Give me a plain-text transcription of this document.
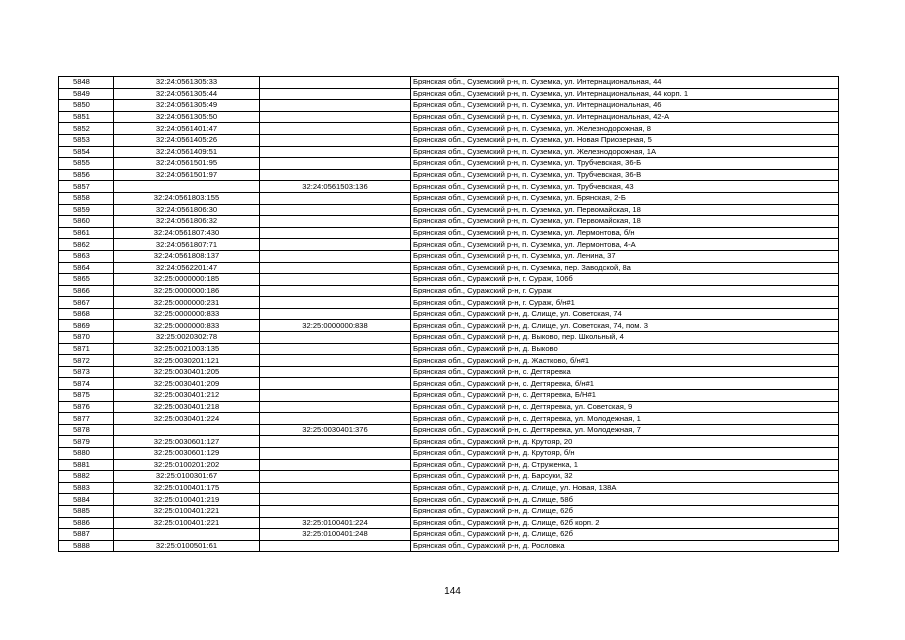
5848	32:24:0561305:33		Брянская обл., Суземский р-н, п. Суземка, ул. Интернациональная, 44
5849	32:24:0561305:44		Брянская обл., Суземский р-н, п. Суземка, ул. Интернациональная, 44 корп. 1
5850	32:24:0561305:49		Брянская обл., Суземский р-н, п. Суземка, ул. Интернациональная, 46
5851	32:24:0561305:50		Брянская обл., Суземский р-н, п. Суземка, ул. Интернациональная, 42-А
5852	32:24:0561401:47		Брянская обл., Суземский р-н, п. Суземка, ул. Железнодорожная, 8
5853	32:24:0561405:26		Брянская обл., Суземский р-н, п. Суземка, ул. Новая Приозерная, 5
5854	32:24:0561409:51		Брянская обл., Суземский р-н, п. Суземка, ул. Железнодорожная, 1А
5855	32:24:0561501:95		Брянская обл., Суземский р-н, п. Суземка, ул. Трубчевская, 36-Б
5856	32:24:0561501:97		Брянская обл., Суземский р-н, п. Суземка, ул. Трубчевская, 36-В
5857		32:24:0561503:136	Брянская обл., Суземский р-н, п. Суземка, ул. Трубчевская, 43
5858	32:24:0561803:155		Брянская обл., Суземский р-н, п. Суземка, ул. Брянская, 2-Б
5859	32:24:0561806:30		Брянская обл., Суземский р-н, п. Суземка, ул. Первомайская, 18
5860	32:24:0561806:32		Брянская обл., Суземский р-н, п. Суземка, ул. Первомайская, 18
5861	32:24:0561807:430		Брянская обл., Суземский р-н, п. Суземка, ул. Лермонтова, б/н
5862	32:24:0561807:71		Брянская обл., Суземский р-н, п. Суземка, ул. Лермонтова, 4-А
5863	32:24:0561808:137		Брянская обл., Суземский р-н, п. Суземка, ул. Ленина, 37
5864	32:24:0562201:47		Брянская обл., Суземский р-н, п. Суземка, пер. Заводской, 8а
5865	32:25:0000000:185		Брянская обл., Суражский р-н, г. Сураж, 106б
5866	32:25:0000000:186		Брянская обл., Суражский р-н, г. Сураж
5867	32:25:0000000:231		Брянская обл., Суражский р-н, г. Сураж, б/н#1
5868	32:25:0000000:833		Брянская обл., Суражский р-н, д. Слище, ул. Советская, 74
5869	32:25:0000000:833	32:25:0000000:838	Брянская обл., Суражский р-н, д. Слище, ул. Советская, 74, пом. 3
5870	32:25:0020302:78		Брянская обл., Суражский р-н, д. Выково, пер. Школьный, 4
5871	32:25:0021003:135		Брянская обл., Суражский р-н, д. Выково
5872	32:25:0030201:121		Брянская обл., Суражский р-н, д. Жастково, б/н#1
5873	32:25:0030401:205		Брянская обл., Суражский р-н, с. Дегтяревка
5874	32:25:0030401:209		Брянская обл., Суражский р-н, с. Дегтяревка, б/н#1
5875	32:25:0030401:212		Брянская обл., Суражский р-н, с. Дегтяревка, Б/Н#1
5876	32:25:0030401:218		Брянская обл., Суражский р-н, с. Дегтяревка, ул. Советская, 9
5877	32:25:0030401:224		Брянская обл., Суражский р-н, с. Дегтяревка, ул. Молодежная, 1
5878		32:25:0030401:376	Брянская обл., Суражский р-н, с. Дегтяревка, ул. Молодежная, 7
5879	32:25:0030601:127		Брянская обл., Суражский р-н, д. Крутояр, 20
5880	32:25:0030601:129		Брянская обл., Суражский р-н, д. Крутояр, б/н
5881	32:25:0100201:202		Брянская обл., Суражский р-н, д. Струженка, 1
5882	32:25:0100301:67		Брянская обл., Суражский р-н, д. Барсуки, 32
5883	32:25:0100401:175		Брянская обл., Суражский р-н, д. Слище, ул. Новая, 138А
5884	32:25:0100401:219		Брянская обл., Суражский р-н, д. Слище, 58б
5885	32:25:0100401:221		Брянская обл., Суражский р-н, д. Слище, 62б
5886	32:25:0100401:221	32:25:0100401:224	Брянская обл., Суражский р-н, д. Слище, 62б корп. 2
5887		32:25:0100401:248	Брянская обл., Суражский р-н, д. Слище, 62б
5888	32:25:0100501:61		Брянская обл., Суражский р-н, д. Рословка
144
